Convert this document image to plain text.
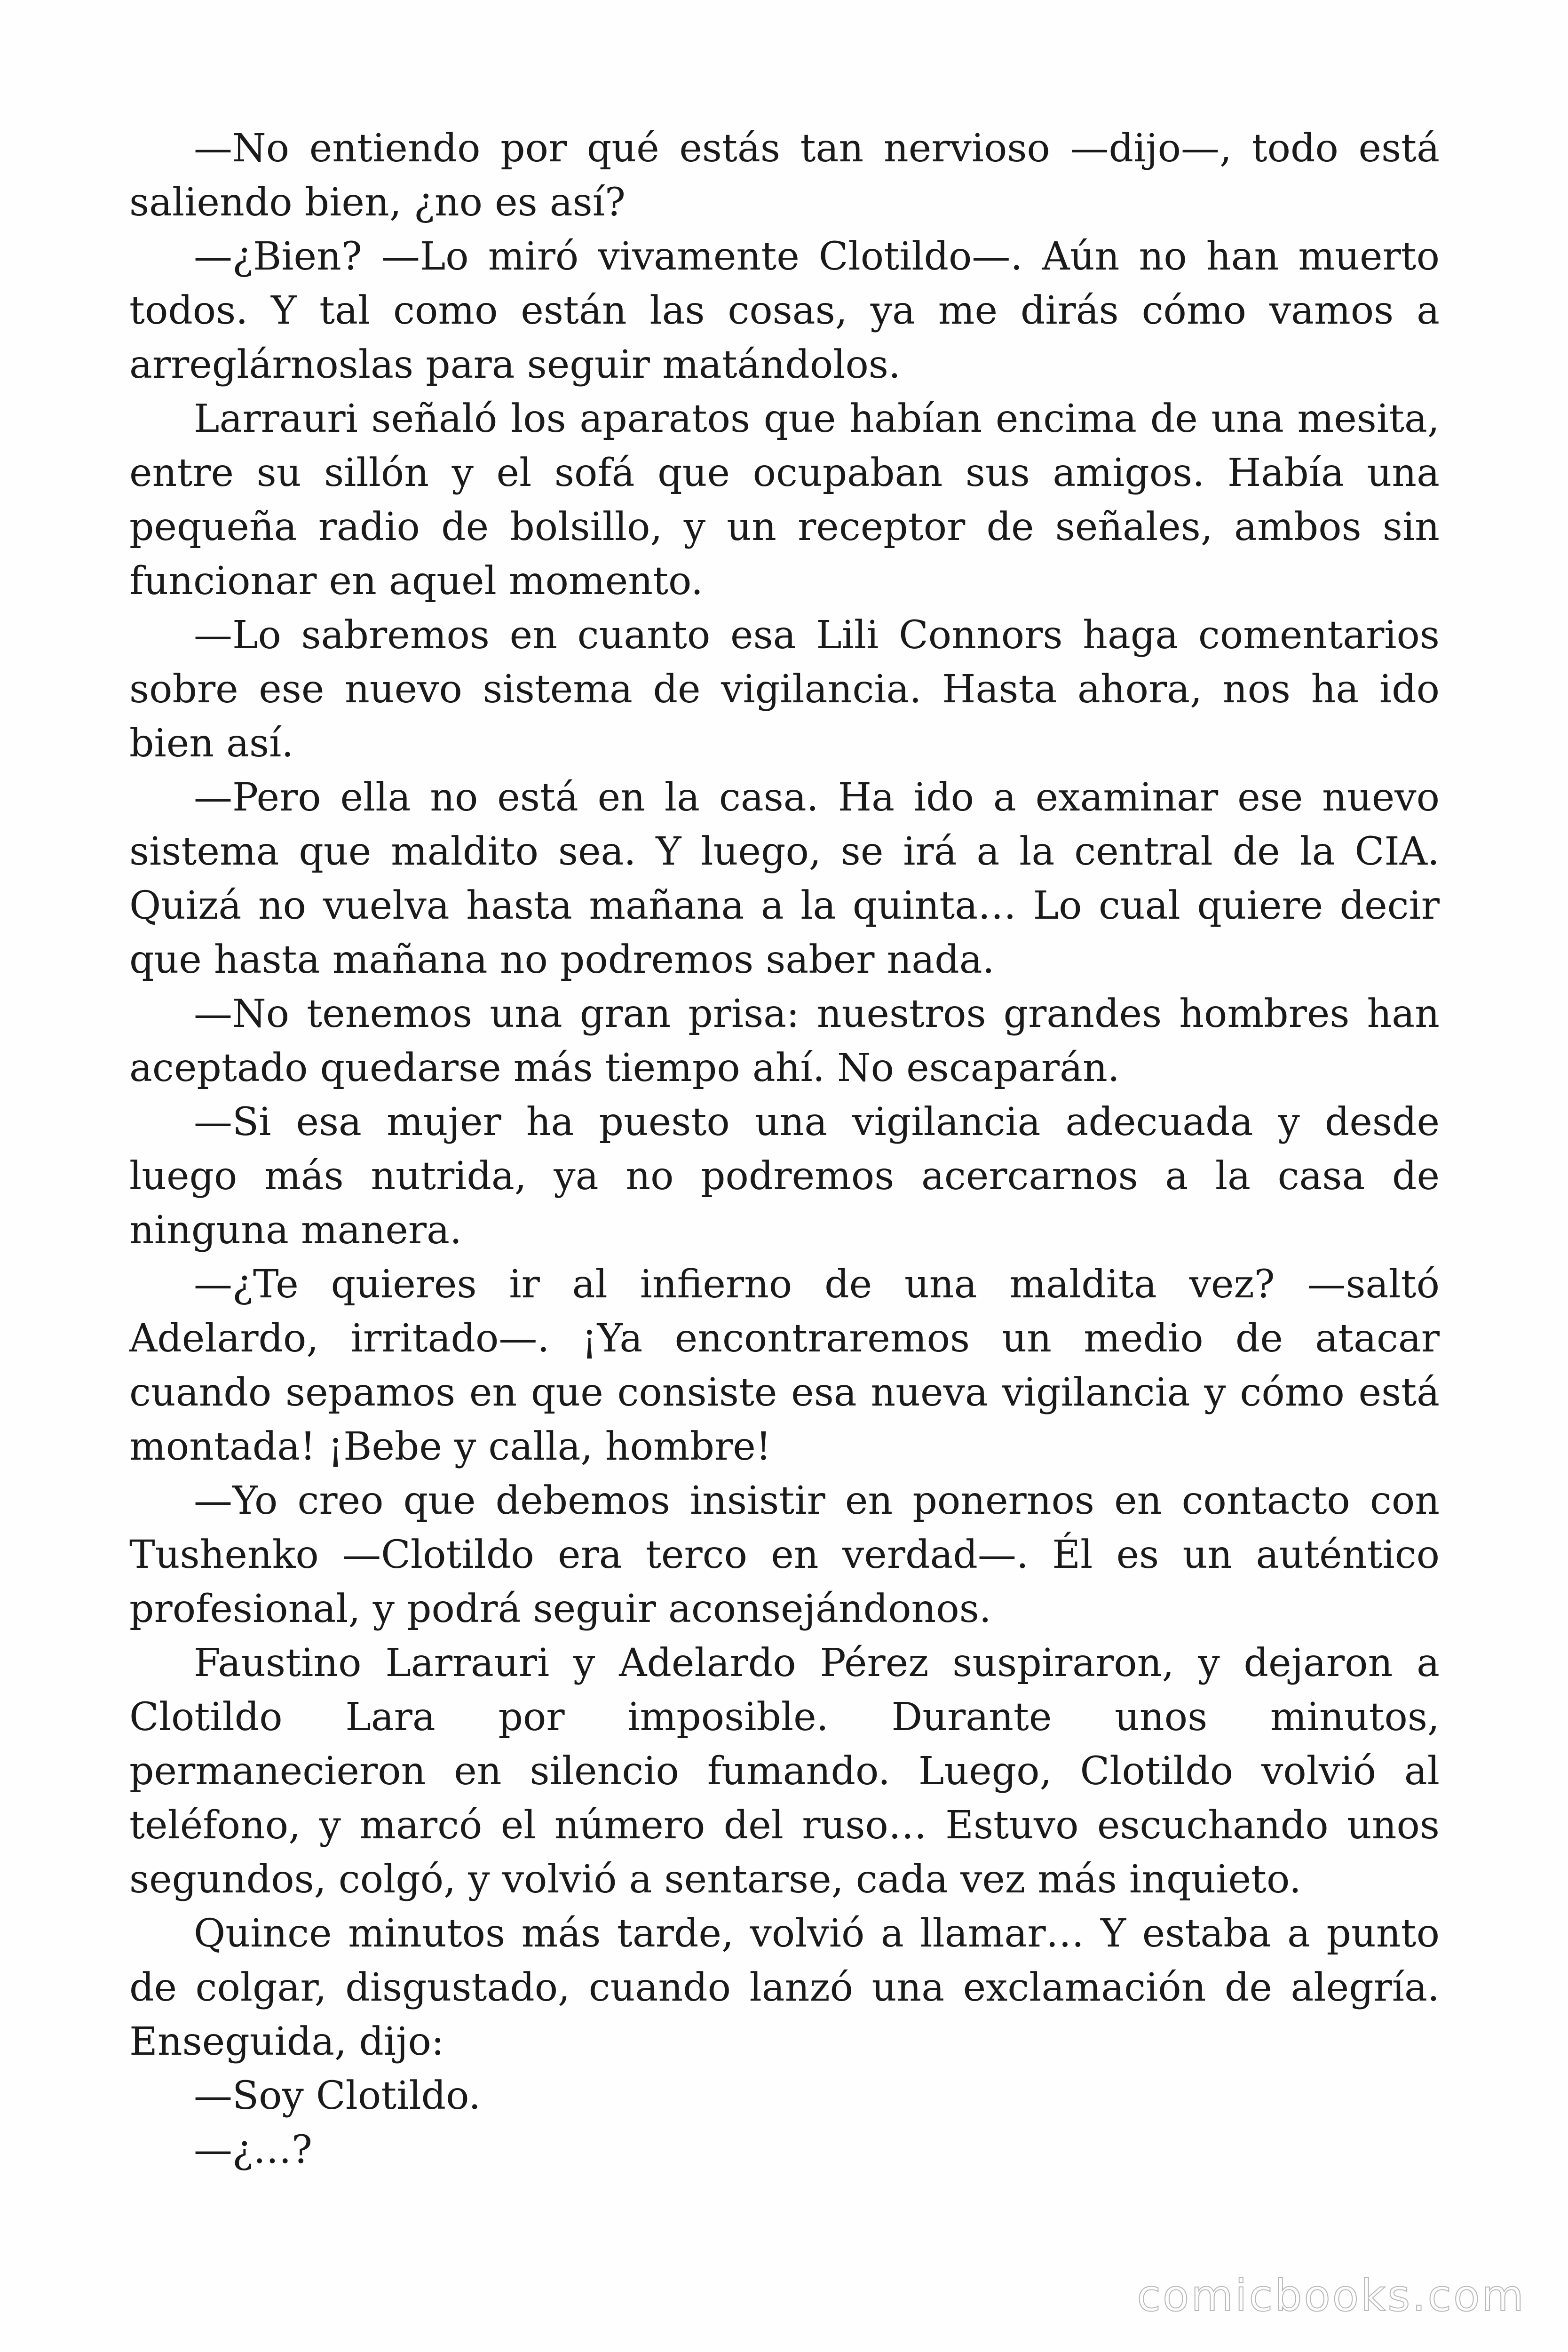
—No entiendo por qué estás tan nervioso —dijo—, todo está saliendo bien, ¿no es así?

—¿Bien? —Lo miró vivamente Clotildo—. Aún no han muerto todos. Y tal como están las cosas, ya me dirás cómo vamos a arreglárnoslas para seguir matándolos.

Larrauri señaló los aparatos que habían encima de una mesita, entre su sillón y el sofá que ocupaban sus amigos. Había una pequeña radio de bolsillo, y un receptor de señales, ambos sin funcionar en aquel momento.

—Lo sabremos en cuanto esa Lili Connors haga comentarios sobre ese nuevo sistema de vigilancia. Hasta ahora, nos ha ido bien así.

—Pero ella no está en la casa. Ha ido a examinar ese nuevo sistema que maldito sea. Y luego, se irá a la central de la CIA. Quizá no vuelva hasta mañana a la quinta… Lo cual quiere decir que hasta mañana no podremos saber nada.

—No tenemos una gran prisa: nuestros grandes hombres han aceptado quedarse más tiempo ahí. No escaparán.

—Si esa mujer ha puesto una vigilancia adecuada y desde luego más nutrida, ya no podremos acercarnos a la casa de ninguna manera.

—¿Te quieres ir al infierno de una maldita vez? —saltó Adelardo, irritado—. ¡Ya encontraremos un medio de atacar cuando sepamos en que consiste esa nueva vigilancia y cómo está montada! ¡Bebe y calla, hombre!

—Yo creo que debemos insistir en ponernos en contacto con Tushenko —Clotildo era terco en verdad—. Él es un auténtico profesional, y podrá seguir aconsejándonos.

Faustino Larrauri y Adelardo Pérez suspiraron, y dejaron a Clotildo Lara por imposible. Durante unos minutos, permanecieron en silencio fumando. Luego, Clotildo volvió al teléfono, y marcó el número del ruso… Estuvo escuchando unos segundos, colgó, y volvió a sentarse, cada vez más inquieto.

Quince minutos más tarde, volvió a llamar… Y estaba a punto de colgar, disgustado, cuando lanzó una exclamación de alegría. Enseguida, dijo:

—Soy Clotildo.

—¿…?

comicbooks.com
